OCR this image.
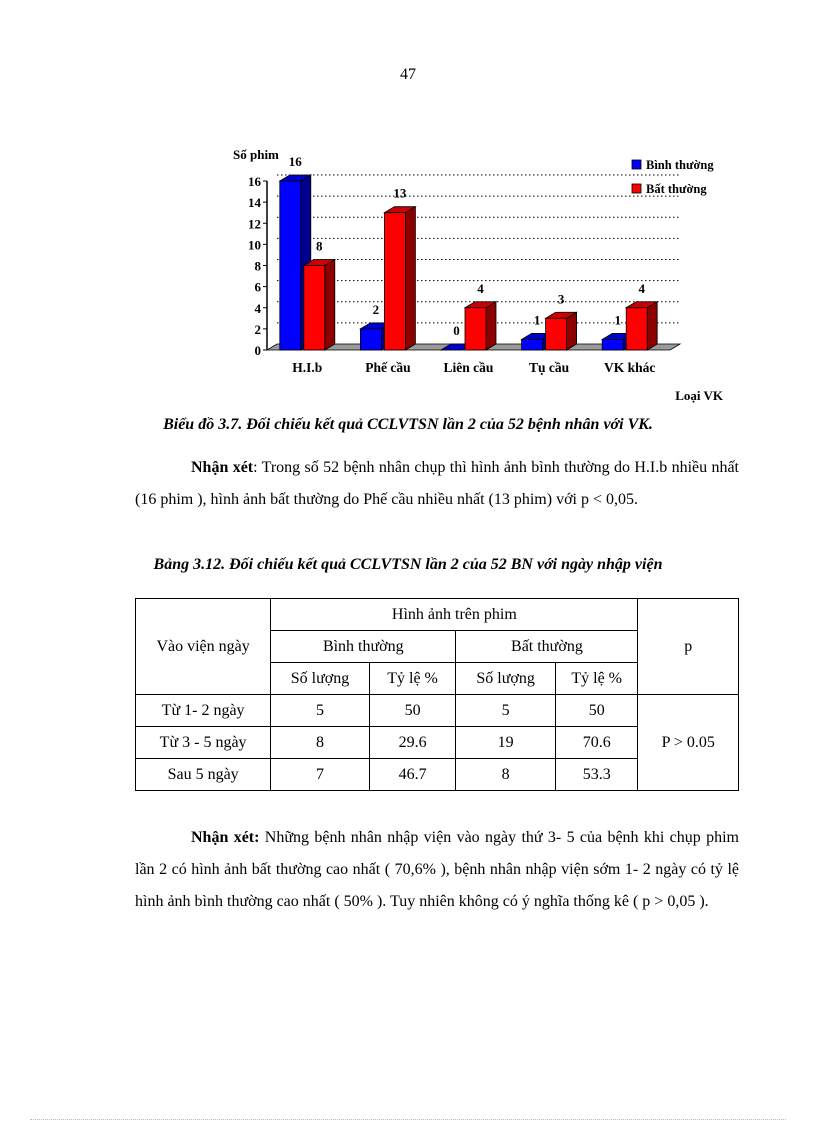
47
16
8
2
13
0
4
1
3
1
4
0
2
4
6
8
10
12
14
16
H.I.b	Phế cầu Liên cầu	Tụ cầu	VK khác
Số phim
Loại VK
Bình thường
Bất thường
Biểu đồ 3.7. Đối chiếu kết quả CCLVTSN lần 2 của 52 bệnh nhân với VK.
Nhận xét: Trong số 52 bệnh nhân chụp thì hình ảnh bình thường do H.I.b nhiều nhất (16 phim ), hình ảnh bất thường do Phế cầu nhiều nhất (13 phim) với p < 0,05.
Bảng 3.12. Đối chiếu kết quả CCLVTSN lần 2 của 52 BN với ngày nhập viện
Vào viện ngày	Hình ảnh trên phim				p
	Bình thường		Bất thường		
	Số lượng	Tỷ lệ %	Số lượng	Tỷ lệ %	
Từ 1- 2 ngày	5	50	5	50	P > 0.05
Từ 3 - 5 ngày	8	29.6	19	70.6	
Sau 5 ngày	7	46.7	8	53.3	
Nhận xét: Những bệnh nhân nhập viện vào ngày thứ 3- 5 của bệnh khi chụp phim lần 2 có hình ảnh bất thường cao nhất ( 70,6% ), bệnh nhân nhập viện sớm 1- 2 ngày có tỷ lệ hình ảnh bình thường cao nhất ( 50% ). Tuy nhiên không có ý nghĩa thống kê ( p > 0,05 ).
